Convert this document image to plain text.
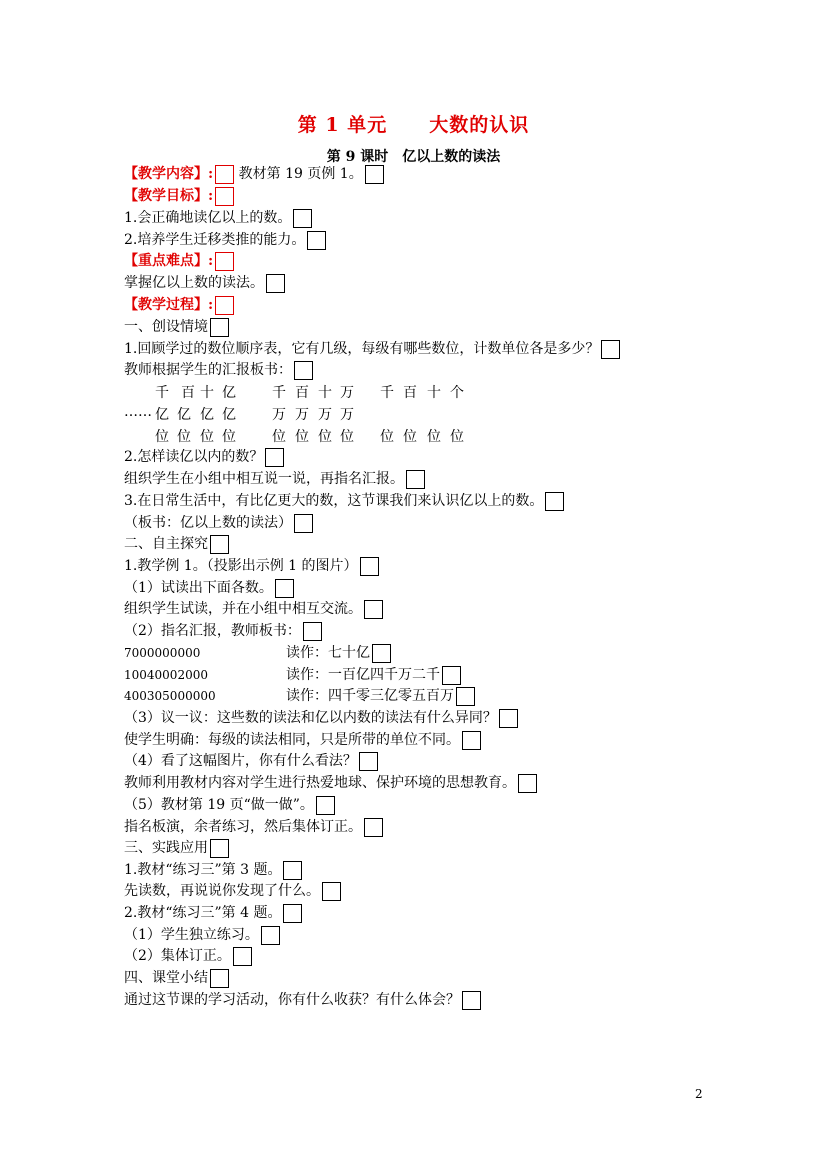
第 1 单元 大数的认识
第 9 课时 亿以上数的读法
【教学内容】: 教材第 19 页例 1。
【教学目标】:
1.会正确地读亿以上的数。
2.培养学生迁移类推的能力。
【重点难点】:
掌握亿以上数的读法。
【教学过程】:
一、创设情境
1.回顾学过的数位顺序表，它有几级，每级有哪些数位，计数单位各是多少？
教师根据学生的汇报板书：
千 百 十 亿	千 百 十 万 千 百 十 个
…… 亿 亿 亿 亿	万 万 万 万
位 位 位 位	位 位 位 位 位 位 位 位
2.怎样读亿以内的数？
组织学生在小组中相互说一说，再指名汇报。
3.在日常生活中，有比亿更大的数，这节课我们来认识亿以上的数。
（板书：亿以上数的读法）
二、自主探究
1.教学例 1。（投影出示例 1 的图片）
（1）试读出下面各数。
组织学生试读，并在小组中相互交流。
（2）指名汇报，教师板书：
7000000000	读作：七十亿
10040002000	读作：一百亿四千万二千
400305000000	读作：四千零三亿零五百万
（3）议一议：这些数的读法和亿以内数的读法有什么异同？
使学生明确：每级的读法相同，只是所带的单位不同。
（4）看了这幅图片，你有什么看法？
教师利用教材内容对学生进行热爱地球、保护环境的思想教育。
（5）教材第 19 页“做一做”。
指名板演，余者练习，然后集体订正。
三、实践应用
1.教材“练习三”第 3 题。
先读数，再说说你发现了什么。
2.教材“练习三”第 4 题。
（1）学生独立练习。
（2）集体订正。
四、课堂小结
通过这节课的学习活动，你有什么收获？有什么体会？
2
